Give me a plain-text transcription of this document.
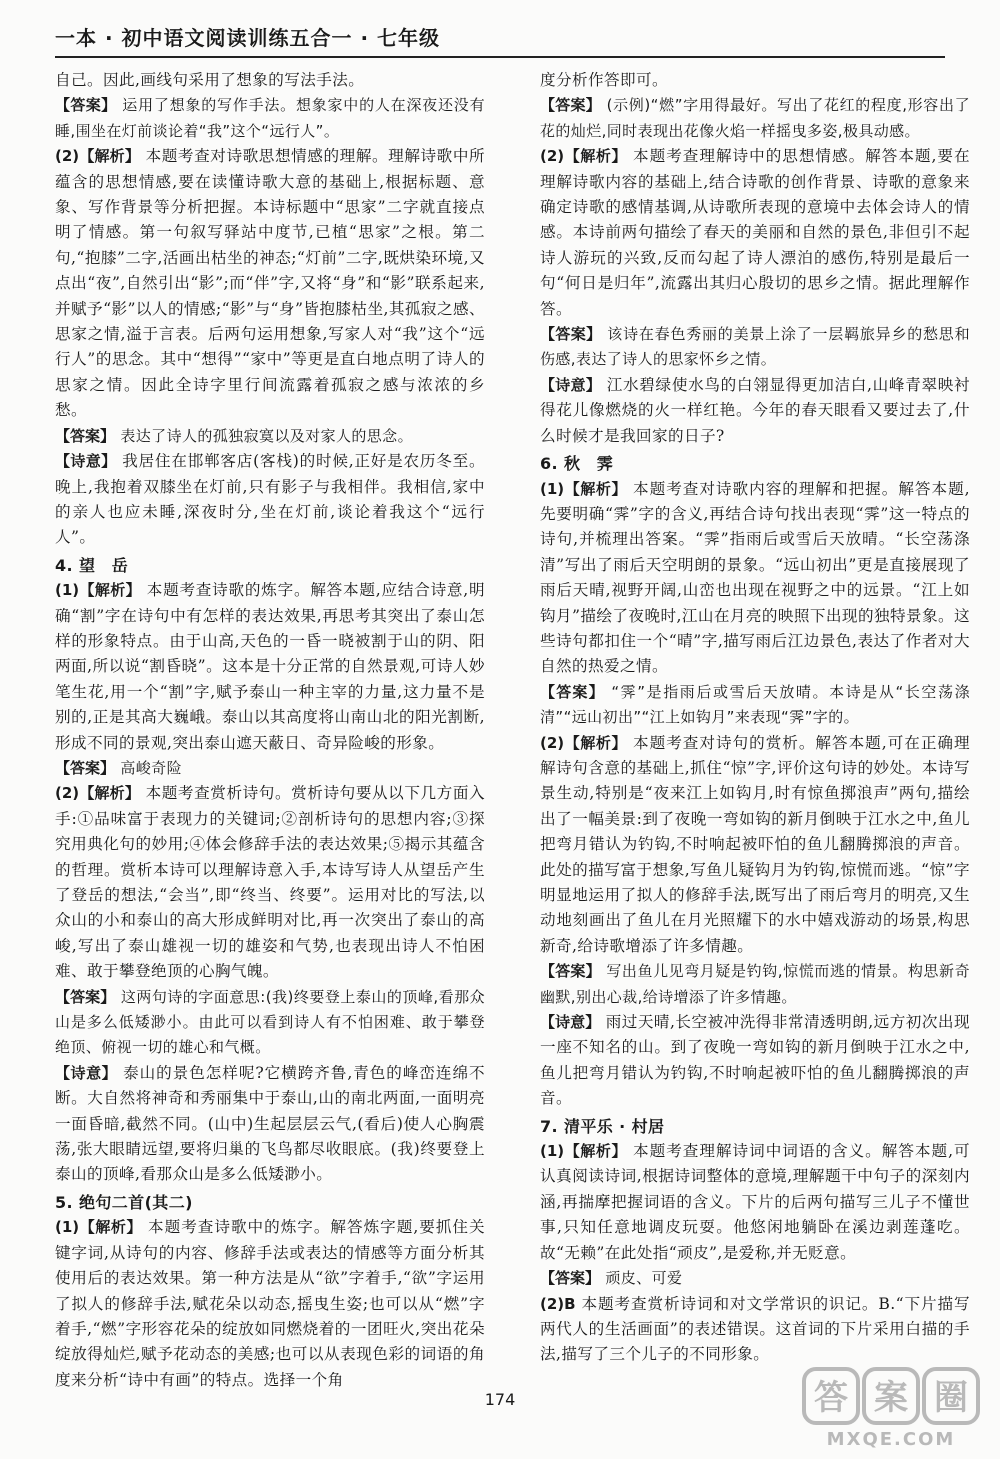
一本 · 初中语文阅读训练五合一 · 七年级

自己。因此,画线句采用了想象的写法手法。

【答案】 运用了想象的写作手法。想象家中的人在深夜还没有睡,围坐在灯前谈论着“我”这个“远行人”。

(2)【解析】 本题考查对诗歌思想情感的理解。理解诗歌中所蕴含的思想情感,要在读懂诗歌大意的基础上,根据标题、意象、写作背景等分析把握。本诗标题中“思家”二字就直接点明了情感。第一句叙写驿站中度节,已植“思家”之根。第二句,“抱膝”二字,活画出枯坐的神态;“灯前”二字,既烘染环境,又点出“夜”,自然引出“影”;而“伴”字,又将“身”和“影”联系起来,并赋予“影”以人的情感;“影”与“身”皆抱膝枯坐,其孤寂之感、思家之情,溢于言表。后两句运用想象,写家人对“我”这个“远行人”的思念。其中“想得”“家中”等更是直白地点明了诗人的思家之情。因此全诗字里行间流露着孤寂之感与浓浓的乡愁。

【答案】 表达了诗人的孤独寂寞以及对家人的思念。

【诗意】 我居住在邯郸客店(客栈)的时候,正好是农历冬至。晚上,我抱着双膝坐在灯前,只有影子与我相伴。我相信,家中的亲人也应未睡,深夜时分,坐在灯前,谈论着我这个“远行人”。

4. 望　岳

(1)【解析】 本题考查诗歌的炼字。解答本题,应结合诗意,明确“割”字在诗句中有怎样的表达效果,再思考其突出了泰山怎样的形象特点。由于山高,天色的一昏一晓被割于山的阴、阳两面,所以说“割昏晓”。这本是十分正常的自然景观,可诗人妙笔生花,用一个“割”字,赋予泰山一种主宰的力量,这力量不是别的,正是其高大巍峨。泰山以其高度将山南山北的阳光割断,形成不同的景观,突出泰山遮天蔽日、奇异险峻的形象。

【答案】 高峻奇险

(2)【解析】 本题考查赏析诗句。赏析诗句要从以下几方面入手:①品味富于表现力的关键词;②剖析诗句的思想内容;③探究用典化句的妙用;④体会修辞手法的表达效果;⑤揭示其蕴含的哲理。赏析本诗可以理解诗意入手,本诗写诗人从望岳产生了登岳的想法,“会当”,即“终当、终要”。运用对比的写法,以众山的小和泰山的高大形成鲜明对比,再一次突出了泰山的高峻,写出了泰山雄视一切的雄姿和气势,也表现出诗人不怕困难、敢于攀登绝顶的心胸气魄。

【答案】 这两句诗的字面意思:(我)终要登上泰山的顶峰,看那众山是多么低矮渺小。由此可以看到诗人有不怕困难、敢于攀登绝顶、俯视一切的雄心和气概。

【诗意】 泰山的景色怎样呢?它横跨齐鲁,青色的峰峦连绵不断。大自然将神奇和秀丽集中于泰山,山的南北两面,一面明亮一面昏暗,截然不同。(山中)生起层层云气,(看后)使人心胸震荡,张大眼睛远望,要将归巢的飞鸟都尽收眼底。(我)终要登上泰山的顶峰,看那众山是多么低矮渺小。

5. 绝句二首(其二)

(1)【解析】 本题考查诗歌中的炼字。解答炼字题,要抓住关键字词,从诗句的内容、修辞手法或表达的情感等方面分析其使用后的表达效果。第一种方法是从“欲”字着手,“欲”字运用了拟人的修辞手法,赋花朵以动态,摇曳生姿;也可以从“燃”字着手,“燃”字形容花朵的绽放如同燃烧着的一团旺火,突出花朵绽放得灿烂,赋予花动态的美感;也可以从表现色彩的词语的角度来分析“诗中有画”的特点。选择一个角

度分析作答即可。

【答案】 (示例)“燃”字用得最好。写出了花红的程度,形容出了花的灿烂,同时表现出花像火焰一样摇曳多姿,极具动感。

(2)【解析】 本题考查理解诗中的思想情感。解答本题,要在理解诗歌内容的基础上,结合诗歌的创作背景、诗歌的意象来确定诗歌的感情基调,从诗歌所表现的意境中去体会诗人的情感。本诗前两句描绘了春天的美丽和自然的景色,非但引不起诗人游玩的兴致,反而勾起了诗人漂泊的感伤,特别是最后一句“何日是归年”,流露出其归心殷切的思乡之情。据此理解作答。

【答案】 该诗在春色秀丽的美景上涂了一层羁旅异乡的愁思和伤感,表达了诗人的思家怀乡之情。

【诗意】 江水碧绿使水鸟的白翎显得更加洁白,山峰青翠映衬得花儿像燃烧的火一样红艳。今年的春天眼看又要过去了,什么时候才是我回家的日子?

6. 秋　霁

(1)【解析】 本题考查对诗歌内容的理解和把握。解答本题,先要明确“霁”字的含义,再结合诗句找出表现“霁”这一特点的诗句,并梳理出答案。“霁”指雨后或雪后天放晴。“长空荡涤清”写出了雨后天空明朗的景象。“远山初出”更是直接展现了雨后天晴,视野开阔,山峦也出现在视野之中的远景。“江上如钩月”描绘了夜晚时,江山在月亮的映照下出现的独特景象。这些诗句都扣住一个“晴”字,描写雨后江边景色,表达了作者对大自然的热爱之情。

【答案】 “霁”是指雨后或雪后天放晴。本诗是从“长空荡涤清”“远山初出”“江上如钩月”来表现“霁”字的。

(2)【解析】 本题考查对诗句的赏析。解答本题,可在正确理解诗句含意的基础上,抓住“惊”字,评价这句诗的妙处。本诗写景生动,特别是“夜来江上如钩月,时有惊鱼掷浪声”两句,描绘出了一幅美景:到了夜晚一弯如钩的新月倒映于江水之中,鱼儿把弯月错认为钓钩,不时响起被吓怕的鱼儿翻腾掷浪的声音。此处的描写富于想象,写鱼儿疑钩月为钓钩,惊慌而逃。“惊”字明显地运用了拟人的修辞手法,既写出了雨后弯月的明亮,又生动地刻画出了鱼儿在月光照耀下的水中嬉戏游动的场景,构思新奇,给诗歌增添了许多情趣。

【答案】 写出鱼儿见弯月疑是钓钩,惊慌而逃的情景。构思新奇幽默,别出心裁,给诗增添了许多情趣。

【诗意】 雨过天晴,长空被冲洗得非常清透明朗,远方初次出现一座不知名的山。到了夜晚一弯如钩的新月倒映于江水之中,鱼儿把弯月错认为钓钩,不时响起被吓怕的鱼儿翻腾掷浪的声音。

7. 清平乐 · 村居

(1)【解析】 本题考查理解诗词中词语的含义。解答本题,可认真阅读诗词,根据诗词整体的意境,理解题干中句子的深刻内涵,再揣摩把握词语的含义。下片的后两句描写三儿子不懂世事,只知任意地调皮玩耍。他悠闲地躺卧在溪边剥莲蓬吃。故“无赖”在此处指“顽皮”,是爱称,并无贬意。

【答案】 顽皮、可爱

(2)B 本题考查赏析诗词和对文学常识的识记。B.“下片描写两代人的生活画面”的表述错误。这首词的下片采用白描的手法,描写了三个儿子的不同形象。

174	答 案 圈
MXQE.COM
